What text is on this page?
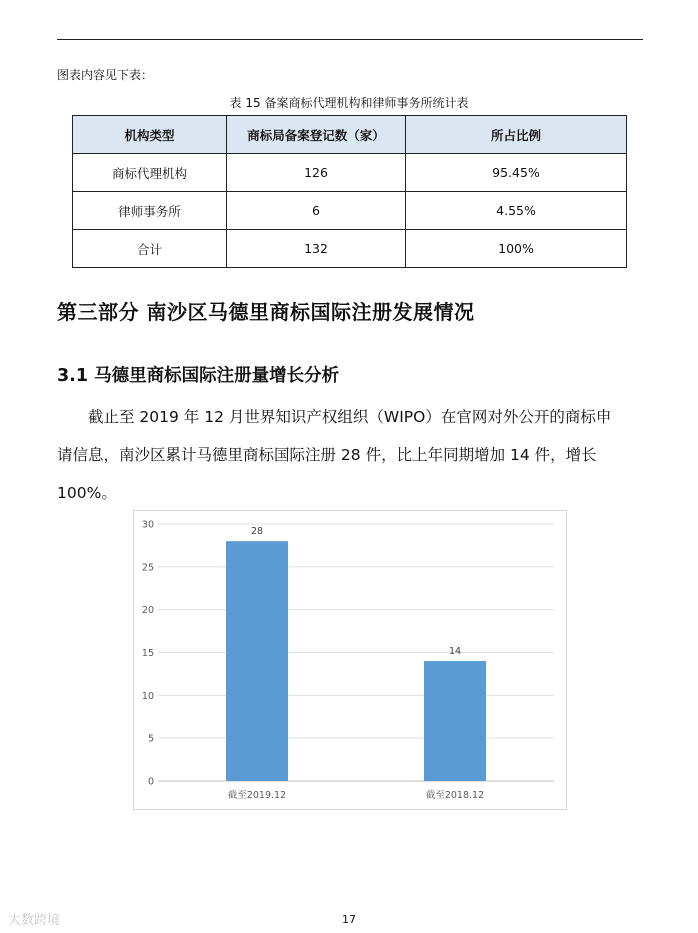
图表内容见下表：
表 15 备案商标代理机构和律师事务所统计表
机构类型	商标局备案登记数（家）	所占比例
商标代理机构	126	95.45%
律师事务所	6	4.55%
合计	132	100%
第三部分 南沙区马德里商标国际注册发展情况
3.1 马德里商标国际注册量增长分析
截止至 2019 年 12 月世界知识产权组织（WIPO）在官网对外公开的商标申
请信息，南沙区累计马德里商标国际注册 28 件，比上年同期增加 14 件，增长
100%。
0
5
10
15
20
25
30
28
截至2019.12
14
截至2018.12
大数跨境	17
